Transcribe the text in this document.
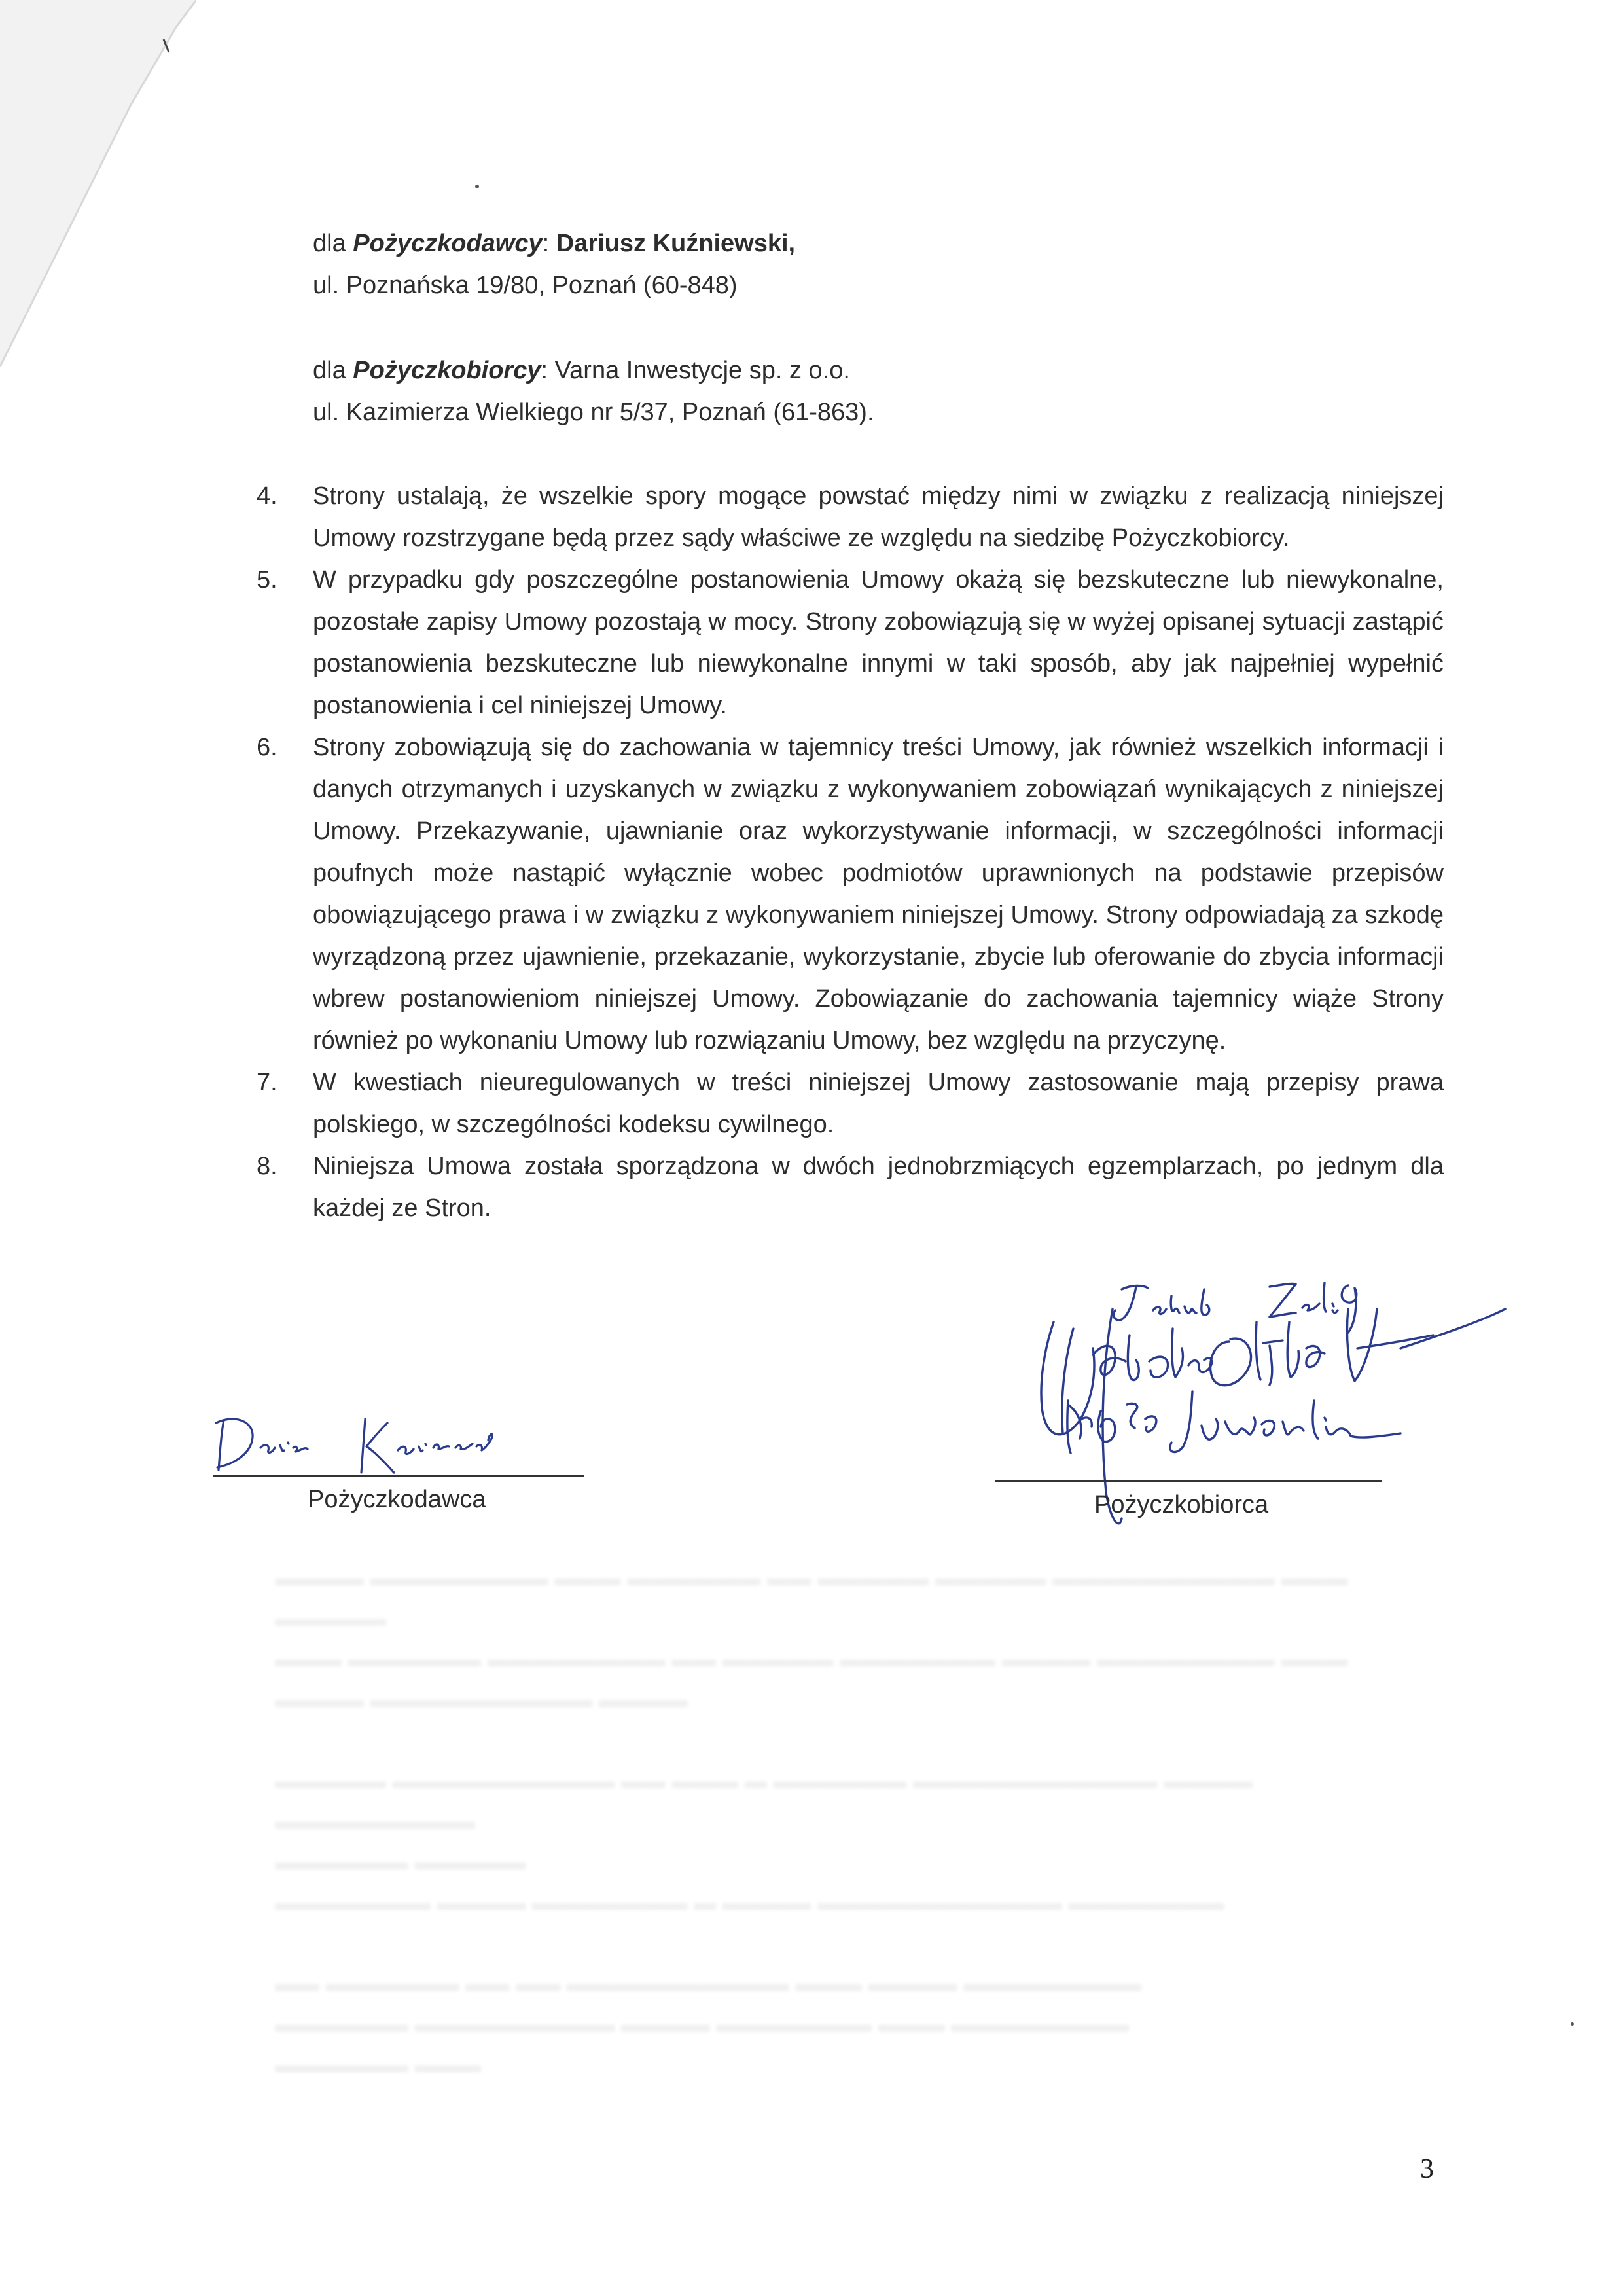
▬▬▬▬ ▬▬▬▬▬▬▬▬ ▬▬▬ ▬▬▬▬▬▬ ▬▬ ▬▬▬▬▬ ▬▬▬▬▬ ▬▬▬▬▬▬▬▬▬▬ ▬▬▬ ▬▬▬▬▬
▬▬▬ ▬▬▬▬▬▬ ▬▬▬▬▬▬▬▬ ▬▬ ▬▬▬▬▬ ▬▬▬▬▬▬▬ ▬▬▬▬ ▬▬▬▬▬▬▬▬ ▬▬▬
▬▬▬▬ ▬▬▬▬▬▬▬▬▬▬ ▬▬▬▬

▬▬▬▬▬ ▬▬▬▬▬▬▬▬▬▬ ▬▬ ▬▬▬ ▬ ▬▬▬▬▬▬ ▬▬▬▬▬▬▬▬▬▬▬ ▬▬▬▬ ▬▬▬▬▬▬▬▬▬
▬▬▬▬▬▬ ▬▬▬▬▬
▬▬▬▬▬▬▬ ▬▬▬▬ ▬▬▬▬▬▬▬ ▬ ▬▬▬▬ ▬▬▬▬▬▬▬▬▬▬▬ ▬▬▬▬▬▬▬

▬▬ ▬▬▬▬▬▬ ▬▬ ▬▬ ▬▬▬▬▬▬▬▬▬▬ ▬▬▬ ▬▬▬▬ ▬▬▬▬▬▬▬▬
▬▬▬▬▬▬ ▬▬▬▬▬▬▬▬▬ ▬▬▬▬ ▬▬▬▬▬▬▬ ▬▬▬ ▬▬▬▬▬▬▬▬
▬▬▬▬▬▬ ▬▬▬
dla Pożyczkodawcy: Dariusz Kuźniewski,
ul. Poznańska 19/80, Poznań (60-848)
dla Pożyczkobiorcy: Varna Inwestycje sp. z o.o.
ul. Kazimierza Wielkiego nr 5/37, Poznań (61-863).
4.	Strony ustalają, że wszelkie spory mogące powstać między nimi w związku z realizacją niniejszej Umowy rozstrzygane będą przez sądy właściwe ze względu na siedzibę Pożyczkobiorcy.
5.	W przypadku gdy poszczególne postanowienia Umowy okażą się bezskuteczne lub niewykonalne, pozostałe zapisy Umowy pozostają w mocy. Strony zobowiązują się w wyżej opisanej sytuacji zastąpić postanowienia bezskuteczne lub niewykonalne innymi w taki sposób, aby jak najpełniej wypełnić postanowienia i cel niniejszej Umowy.
6.	Strony zobowiązują się do zachowania w tajemnicy treści Umowy, jak również wszelkich informacji i danych otrzymanych i uzyskanych w związku z wykonywaniem zobowiązań wynikających z niniejszej Umowy. Przekazywanie, ujawnianie oraz wykorzystywanie informacji, w szczególności informacji poufnych może nastąpić wyłącznie wobec podmiotów uprawnionych na podstawie przepisów obowiązującego prawa i w związku z wykonywaniem niniejszej Umowy. Strony odpowiadają za szkodę wyrządzoną przez ujawnienie, przekazanie, wykorzystanie, zbycie lub oferowanie do zbycia informacji wbrew postanowieniom niniejszej Umowy. Zobowiązanie do zachowania tajemnicy wiąże Strony również po wykonaniu Umowy lub rozwiązaniu Umowy, bez względu na przyczynę.
7.	W kwestiach nieuregulowanych w treści niniejszej Umowy zastosowanie mają przepisy prawa polskiego, w szczególności kodeksu cywilnego.
8.	Niniejsza Umowa została sporządzona w dwóch jednobrzmiących egzemplarzach, po jednym dla każdej ze Stron.
Pożyczkodawca	Pożyczkobiorca
3
